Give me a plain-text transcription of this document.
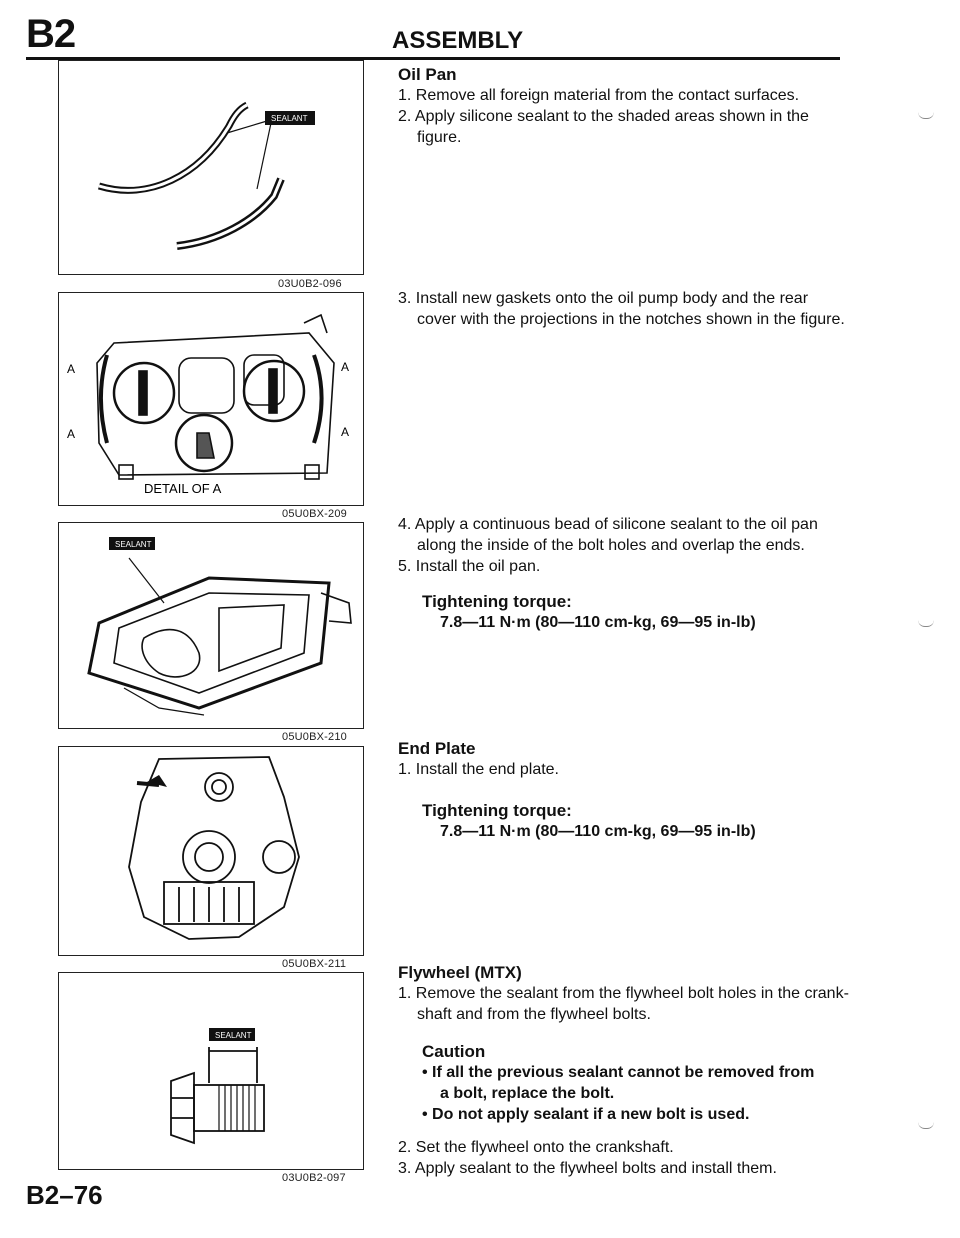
B2	ASSEMBLY
SEALANT
03U0B2-096
A
A
A
A
DETAIL OF A
05U0BX-209
SEALANT
05U0BX-210
05U0BX-211
SEALANT
03U0B2-097
Oil Pan
1. Remove all foreign material from the contact surfaces.
2. Apply silicone sealant to the shaded areas shown in the
figure.
3. Install new gaskets onto the oil pump body and the rear
cover with the projections in the notches shown in the figure.
4. Apply a continuous bead of silicone sealant to the oil pan
along the inside of the bolt holes and overlap the ends.
5. Install the oil pan.
Tightening torque:
7.8—11 N·m (80—110 cm-kg, 69—95 in-lb)
End Plate
1. Install the end plate.
Tightening torque:
7.8—11 N·m (80—110 cm-kg, 69—95 in-lb)
Flywheel (MTX)
1. Remove the sealant from the flywheel bolt holes in the crank-
shaft and from the flywheel bolts.
Caution
• If all the previous sealant cannot be removed from
a bolt, replace the bolt.
• Do not apply sealant if a new bolt is used.
2. Set the flywheel onto the crankshaft.
3. Apply sealant to the flywheel bolts and install them.
B2–76
